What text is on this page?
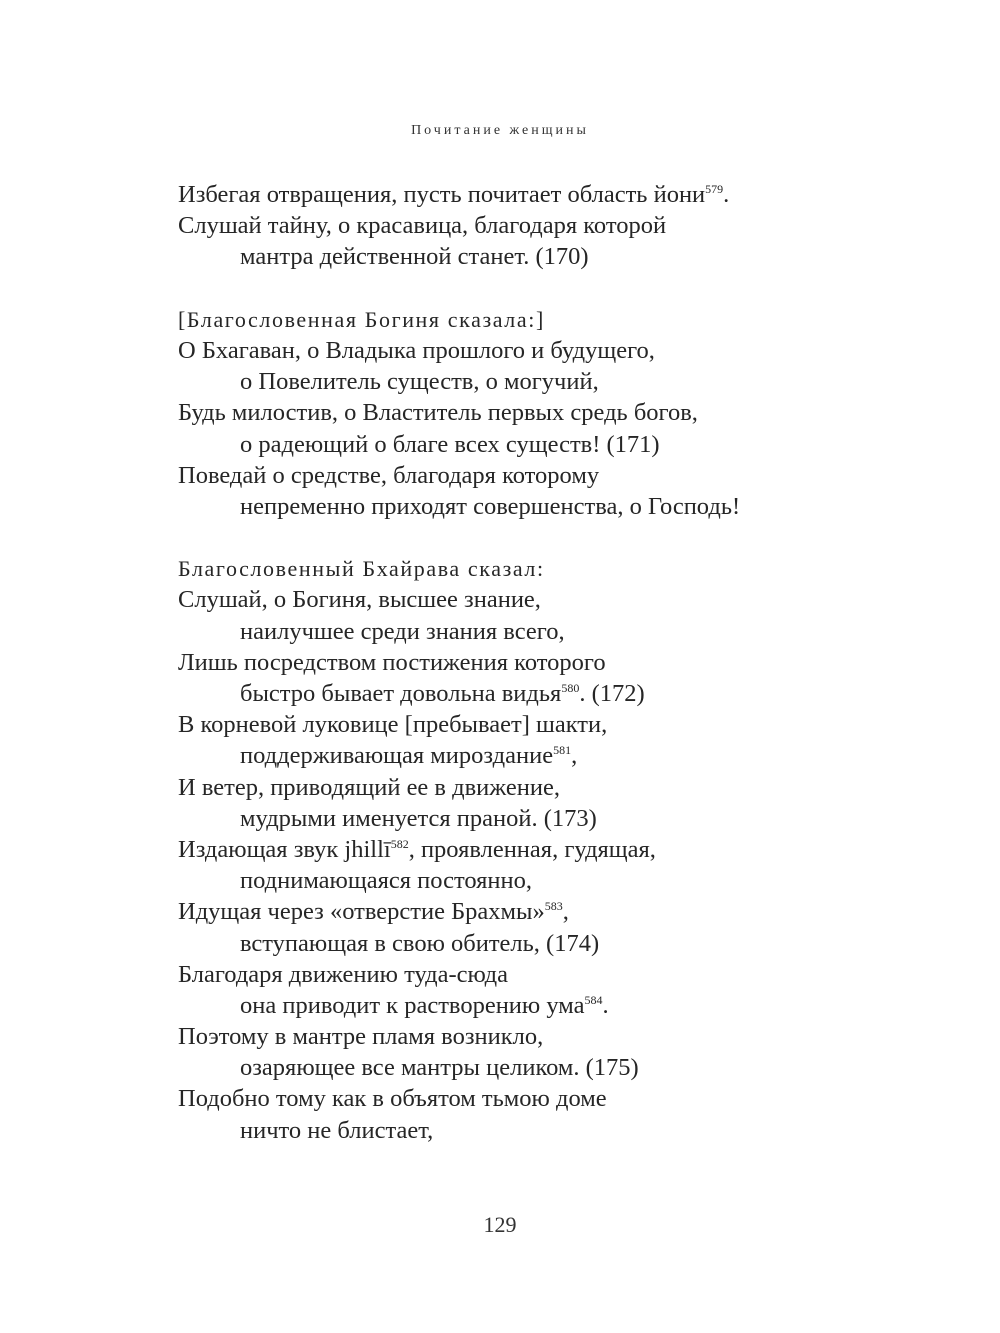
Почитание женщины
Избегая отвращения, пусть почитает область йони$^{579}$.
Слушай тайну, о красавица, благодаря которой
мантра действенной станет. (170)
[Благословенная Богиня сказала:]
О Бхагаван, о Владыка прошлого и будущего,
о Повелитель существ, о могучий,
Будь милостив, о Властитель первых средь богов,
о радеющий о благе всех существ! (171)
Поведай о средстве, благодаря которому
непременно приходят совершенства, о Господь!
Благословенный Бхайрава сказал:
Слушай, о Богиня, высшее знание,
наилучшее среди знания всего,
Лишь посредством постижения которого
быстро бывает довольна видья$^{580}$. (172)
В корневой луковице [пребывает] шакти,
поддерживающая мироздание$^{581}$,
И ветер, приводящий ее в движение,
мудрыми именуется праной. (173)
Издающая звук jhillī$^{582}$, проявленная, гудящая,
поднимающаяся постоянно,
Идущая через «отверстие Брахмы»$^{583}$,
вступающая в свою обитель, (174)
Благодаря движению туда-сюда
она приводит к растворению ума$^{584}$.
Поэтому в мантре пламя возникло,
озаряющее все мантры целиком. (175)
Подобно тому как в объятом тьмою доме
ничто не блистает,
129
